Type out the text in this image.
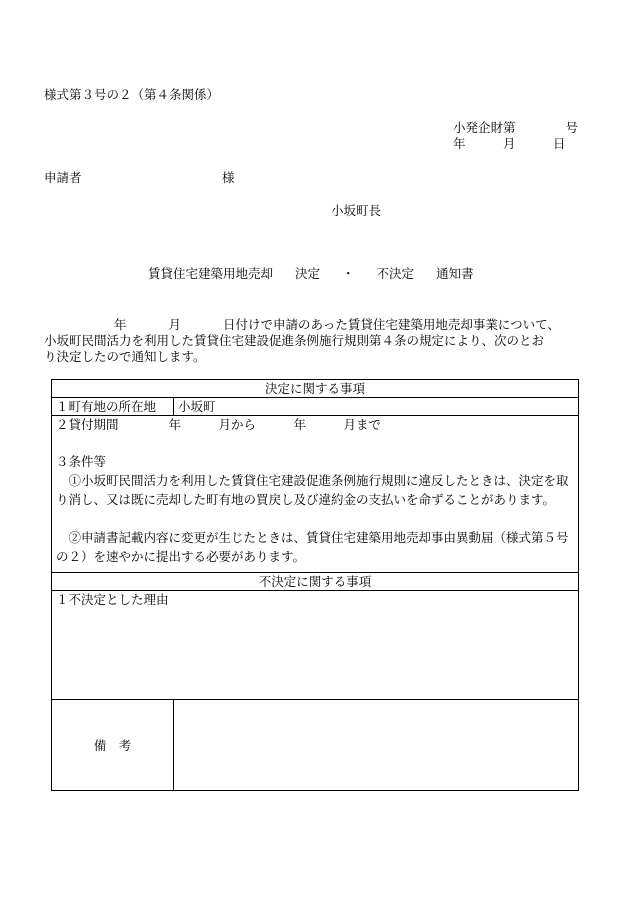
様式第３号の２（第４条関係）
小発企財第　　　　号
年　　　月　　　日
申請者	様
小坂町長
賃貸住宅建築用地売却 決定 ・ 不決定 通知書
年	月	日付けで申請のあった賃貸住宅建築用地売却事業について、
小坂町民間活力を利用した賃貸住宅建設促進条例施行規則第４条の規定により、次のとお
り決定したので通知します。
決定に関する事項	
１町有地の所在地	小坂町

２貸付期間　　　　年　　　月から　　　年　　　月まで
３条件等
①小坂町民間活力を利用した賃貸住宅建設促進条例施行規則に違反したときは、決定を取り消し、又は既に売却した町有地の買戻し及び違約金の支払いを命ずることがあります。
②申請書記載内容に変更が生じたときは、賃貸住宅建築用地売却事由異動届（様式第５号の２）を速やかに提出する必要があります。	

不決定に関する事項	
１不決定とした理由	
備　考	
